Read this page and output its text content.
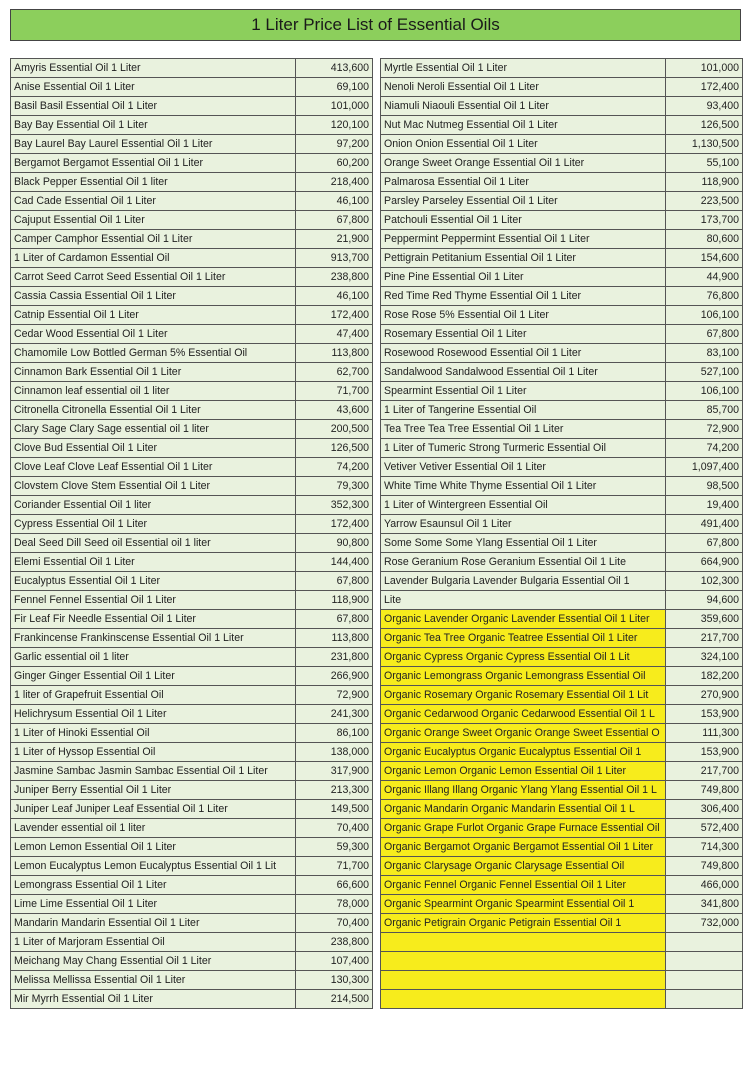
1 Liter Price List of Essential Oils
Amyris Essential Oil 1 Liter	413,600
Anise Essential Oil 1 Liter	69,100
Basil Basil Essential Oil 1 Liter	101,000
Bay Bay Essential Oil 1 Liter	120,100
Bay Laurel Bay Laurel Essential Oil 1 Liter	97,200
Bergamot Bergamot Essential Oil 1 Liter	60,200
Black Pepper Essential Oil 1 liter	218,400
Cad Cade Essential Oil 1 Liter	46,100
Cajuput Essential Oil 1 Liter	67,800
Camper Camphor Essential Oil 1 Liter	21,900
1 Liter of Cardamon Essential Oil	913,700
Carrot Seed Carrot Seed Essential Oil 1 Liter	238,800
Cassia Cassia Essential Oil 1 Liter	46,100
Catnip Essential Oil 1 Liter	172,400
Cedar Wood Essential Oil 1 Liter	47,400
Chamomile Low Bottled German 5% Essential Oil	113,800
Cinnamon Bark Essential Oil 1 Liter	62,700
Cinnamon leaf essential oil 1 liter	71,700
Citronella Citronella Essential Oil 1 Liter	43,600
Clary Sage Clary Sage essential oil 1 liter	200,500
Clove Bud Essential Oil 1 Liter	126,500
Clove Leaf Clove Leaf Essential Oil 1 Liter	74,200
Clovstem Clove Stem Essential Oil 1 Liter	79,300
Coriander Essential Oil 1 liter	352,300
Cypress Essential Oil 1 Liter	172,400
Deal Seed Dill Seed oil Essential oil 1 liter	90,800
Elemi Essential Oil 1 Liter	144,400
Eucalyptus Essential Oil 1 Liter	67,800
Fennel Fennel Essential Oil 1 Liter	118,900
Fir Leaf Fir Needle Essential Oil 1 Liter	67,800
Frankincense Frankinscense Essential Oil 1 Liter	113,800
Garlic essential oil 1 liter	231,800
Ginger Ginger Essential Oil 1 Liter	266,900
1 liter of Grapefruit Essential Oil	72,900
Helichrysum Essential Oil 1 Liter	241,300
1 Liter of Hinoki Essential Oil	86,100
1 Liter of Hyssop Essential Oil	138,000
Jasmine Sambac Jasmin Sambac Essential Oil 1 Liter	317,900
Juniper Berry Essential Oil 1 Liter	213,300
Juniper Leaf Juniper Leaf Essential Oil 1 Liter	149,500
Lavender essential oil 1 liter	70,400
Lemon Lemon Essential Oil 1 Liter	59,300
Lemon Eucalyptus Lemon Eucalyptus Essential Oil 1 Lit	71,700
Lemongrass Essential Oil 1 Liter	66,600
Lime Lime Essential Oil 1 Liter	78,000
Mandarin Mandarin Essential Oil 1 Liter	70,400
1 Liter of Marjoram Essential Oil	238,800
Meichang May Chang Essential Oil 1 Liter	107,400
Melissa Mellissa Essential Oil 1 Liter	130,300
Mir Myrrh Essential Oil 1 Liter	214,500
Myrtle Essential Oil 1 Liter	101,000
Nenoli Neroli Essential Oil 1 Liter	172,400
Niamuli Niaouli Essential Oil 1 Liter	93,400
Nut Mac Nutmeg Essential Oil 1 Liter	126,500
Onion Onion Essential Oil 1 Liter	1,130,500
Orange Sweet Orange Essential Oil 1 Liter	55,100
Palmarosa Essential Oil 1 Liter	118,900
Parsley Parseley Essential Oil 1 Liter	223,500
Patchouli Essential Oil 1 Liter	173,700
Peppermint Peppermint Essential Oil 1 Liter	80,600
Pettigrain Petitanium Essential Oil 1 Liter	154,600
Pine Pine Essential Oil 1 Liter	44,900
Red Time Red Thyme Essential Oil 1 Liter	76,800
Rose Rose 5% Essential Oil 1 Liter	106,100
Rosemary Essential Oil 1 Liter	67,800
Rosewood Rosewood Essential Oil 1 Liter	83,100
Sandalwood Sandalwood Essential Oil 1 Liter	527,100
Spearmint Essential Oil 1 Liter	106,100
1 Liter of Tangerine Essential Oil	85,700
Tea Tree Tea Tree Essential Oil 1 Liter	72,900
1 Liter of Tumeric Strong Turmeric Essential Oil	74,200
Vetiver Vetiver Essential Oil 1 Liter	1,097,400
White Time White Thyme Essential Oil 1 Liter	98,500
1 Liter of Wintergreen Essential Oil	19,400
Yarrow Esaunsul Oil 1 Liter	491,400
Some Some Some Ylang Essential Oil 1 Liter	67,800
Rose Geranium Rose Geranium Essential Oil 1 Lite	664,900
Lavender Bulgaria Lavender Bulgaria Essential Oil 1	102,300
Lite	94,600
Organic Lavender Organic Lavender Essential Oil 1 Liter	359,600
Organic Tea Tree Organic Teatree Essential Oil 1 Liter	217,700
Organic Cypress Organic Cypress Essential Oil 1 Lit	324,100
Organic Lemongrass Organic Lemongrass Essential Oil	182,200
Organic Rosemary Organic Rosemary Essential Oil 1 Lit	270,900
Organic Cedarwood Organic Cedarwood Essential Oil 1 L	153,900
Organic Orange Sweet Organic Orange Sweet Essential O	111,300
Organic Eucalyptus Organic Eucalyptus Essential Oil 1	153,900
Organic Lemon Organic Lemon Essential Oil 1 Liter	217,700
Organic Illang Illang Organic Ylang Ylang Essential Oil 1 L	749,800
Organic Mandarin Organic Mandarin Essential Oil 1 L	306,400
Organic Grape Furlot Organic Grape Furnace Essential Oil	572,400
Organic Bergamot Organic Bergamot Essential Oil 1 Liter	714,300
Organic Clarysage Organic Clarysage Essential Oil	749,800
Organic Fennel Organic Fennel Essential Oil 1 Liter	466,000
Organic Spearmint Organic Spearmint Essential Oil 1	341,800
Organic Petigrain Organic Petigrain Essential Oil 1	732,000
